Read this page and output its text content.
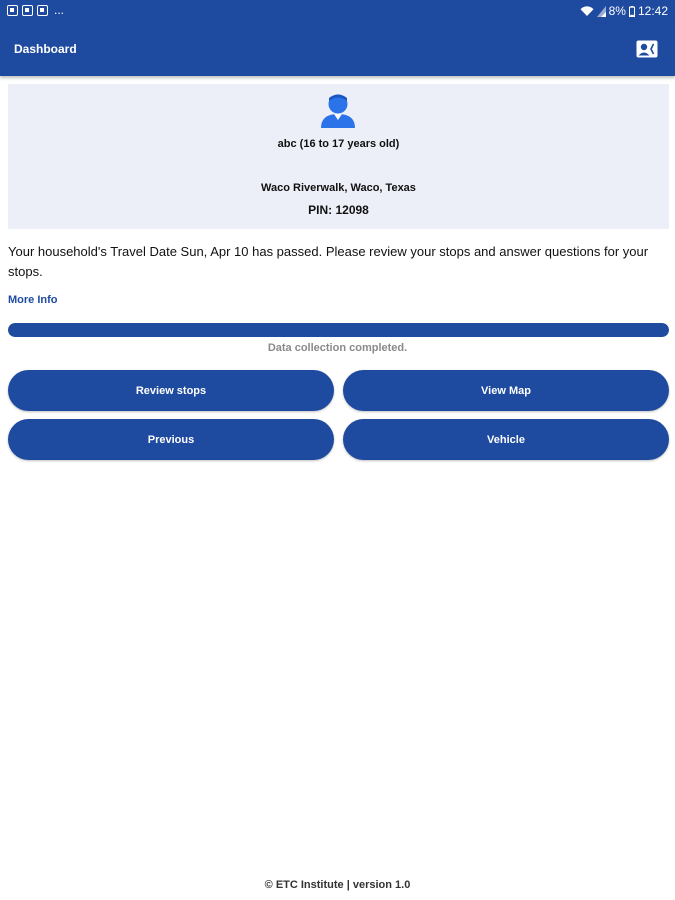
...	8% 12:42
Dashboard
abc (16 to 17 years old)
Waco Riverwalk, Waco, Texas
PIN: 12098
Your household's Travel Date Sun, Apr 10 has passed. Please review your stops and answer questions for your stops.
More Info
Data collection completed.
Review stops	View Map
Previous	Vehicle
© ETC Institute | version 1.0
